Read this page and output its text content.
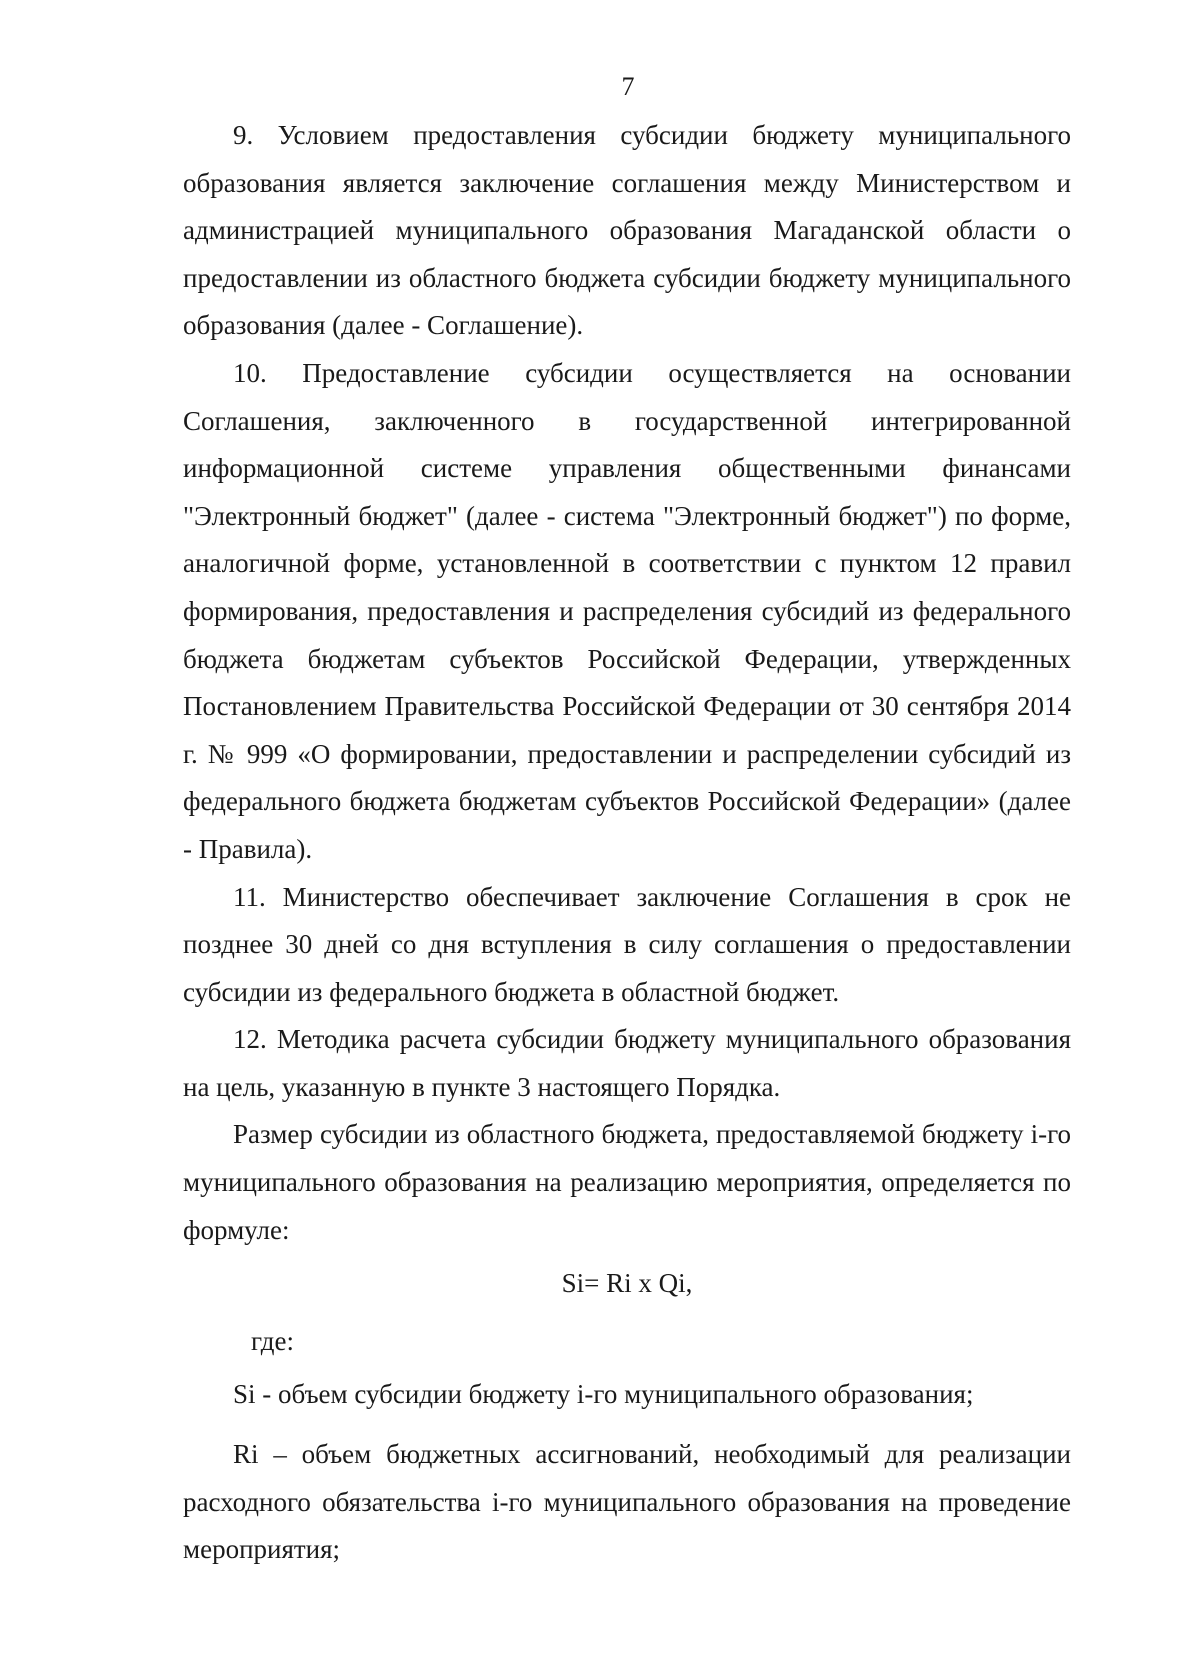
7

9. Условием предоставления субсидии бюджету муниципального образования является заключение соглашения между Министерством и администрацией муниципального образования Магаданской области о предоставлении из областного бюджета субсидии бюджету муниципального образования (далее - Соглашение).

10. Предоставление субсидии осуществляется на основании Соглашения, заключенного в государственной интегрированной информационной системе управления общественными финансами "Электронный бюджет" (далее - система "Электронный бюджет") по форме, аналогичной форме, установленной в соответствии с пунктом 12 правил формирования, предоставления и распределения субсидий из федерального бюджета бюджетам субъектов Российской Федерации, утвержденных Постановлением Правительства Российской Федерации от 30 сентября 2014 г. № 999 «О формировании, предоставлении и распределении субсидий из федерального бюджета бюджетам субъектов Российской Федерации» (далее - Правила).

11. Министерство обеспечивает заключение Соглашения в срок не позднее 30 дней со дня вступления в силу соглашения о предоставлении субсидии из федерального бюджета в областной бюджет.

12. Методика расчета субсидии бюджету муниципального образования на цель, указанную в пункте 3 настоящего Порядка.

Размер субсидии из областного бюджета, предоставляемой бюджету i-го муниципального образования на реализацию мероприятия, определяется по формуле:

Si= Ri x Qi,

где:

Si - объем субсидии бюджету i-го муниципального образования;

Ri – объем бюджетных ассигнований, необходимый для реализации расходного обязательства i-го муниципального образования на проведение мероприятия;
